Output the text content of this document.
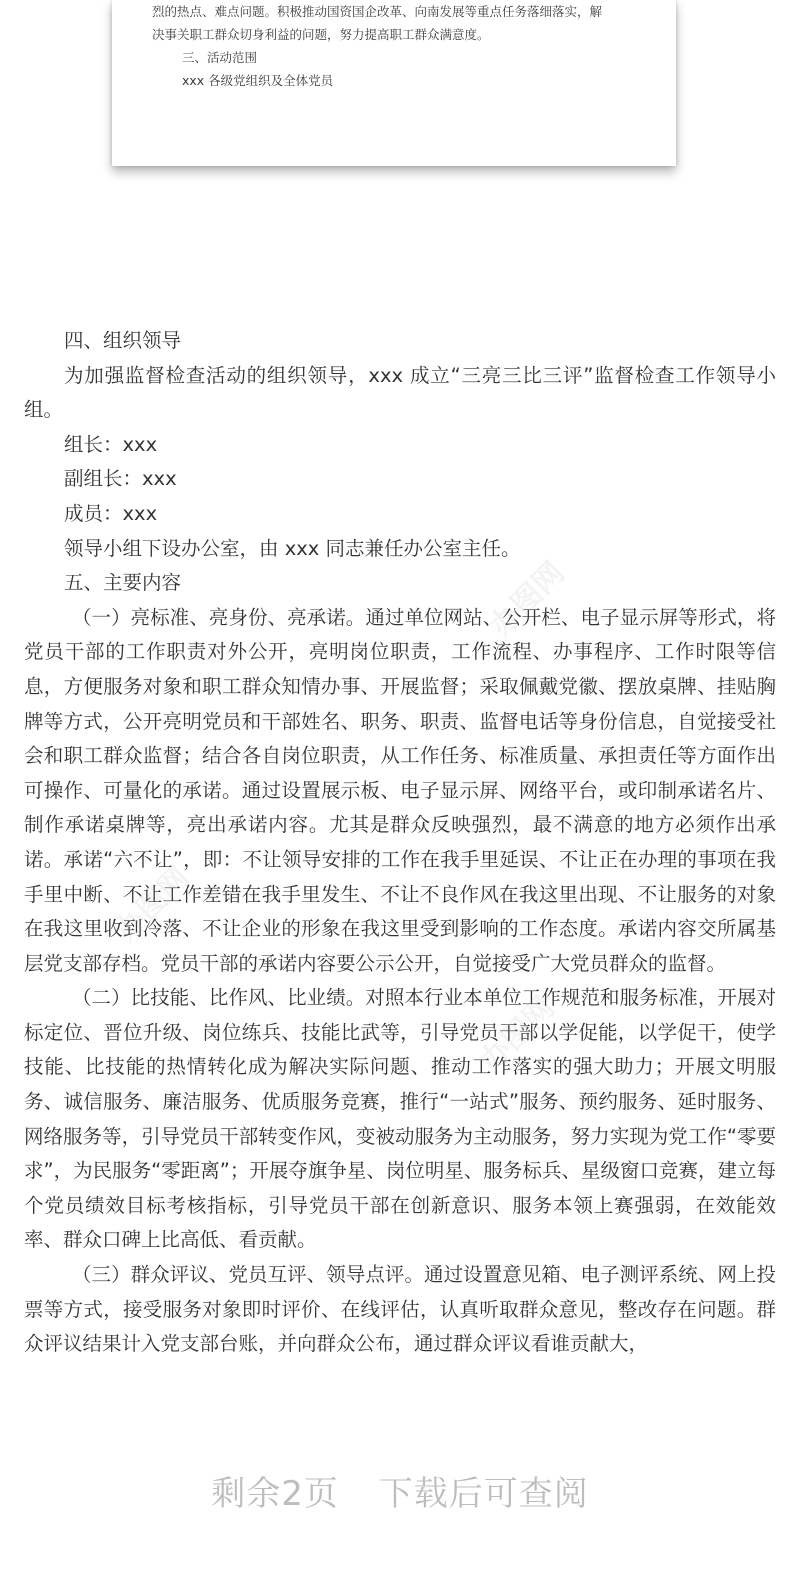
烈的热点、难点问题。积极推动国资国企改革、向南发展等重点任务落细落实，解

决事关职工群众切身利益的问题，努力提高职工群众满意度。

三、活动范围

xxx 各级党组织及全体党员

四、组织领导

为加强监督检查活动的组织领导，xxx 成立“三亮三比三评”监督检查工作领导小组。

组长：xxx

副组长：xxx

成员：xxx

领导小组下设办公室，由 xxx 同志兼任办公室主任。

五、主要内容

（一）亮标准、亮身份、亮承诺。通过单位网站、公开栏、电子显示屏等形式，将党员干部的工作职责对外公开，亮明岗位职责，工作流程、办事程序、工作时限等信息，方便服务对象和职工群众知情办事、开展监督；采取佩戴党徽、摆放桌牌、挂贴胸牌等方式，公开亮明党员和干部姓名、职务、职责、监督电话等身份信息，自觉接受社会和职工群众监督；结合各自岗位职责，从工作任务、标准质量、承担责任等方面作出可操作、可量化的承诺。通过设置展示板、电子显示屏、网络平台，或印制承诺名片、制作承诺桌牌等，亮出承诺内容。尤其是群众反映强烈，最不满意的地方必须作出承诺。承诺“六不让”，即：不让领导安排的工作在我手里延误、不让正在办理的事项在我手里中断、不让工作差错在我手里发生、不让不良作风在我这里出现、不让服务的对象在我这里收到冷落、不让企业的形象在我这里受到影响的工作态度。承诺内容交所属基层党支部存档。党员干部的承诺内容要公示公开，自觉接受广大党员群众的监督。

（二）比技能、比作风、比业绩。对照本行业本单位工作规范和服务标准，开展对标定位、晋位升级、岗位练兵、技能比武等，引导党员干部以学促能，以学促干，使学技能、比技能的热情转化成为解决实际问题、推动工作落实的强大助力；开展文明服务、诚信服务、廉洁服务、优质服务竞赛，推行“一站式”服务、预约服务、延时服务、网络服务等，引导党员干部转变作风，变被动服务为主动服务，努力实现为党工作“零要求”，为民服务“零距离”；开展夺旗争星、岗位明星、服务标兵、星级窗口竞赛，建立每个党员绩效目标考核指标，引导党员干部在创新意识、服务本领上赛强弱，在效能效率、群众口碑上比高低、看贡献。

（三）群众评议、党员互评、领导点评。通过设置意见箱、电子测评系统、网上投票等方式，接受服务对象即时评价、在线评估，认真听取群众意见，整改存在问题。群众评议结果计入党支部台账，并向群众公布，通过群众评议看谁贡献大，

办图网
办图网
办图网
剩余2页 下载后可查阅
